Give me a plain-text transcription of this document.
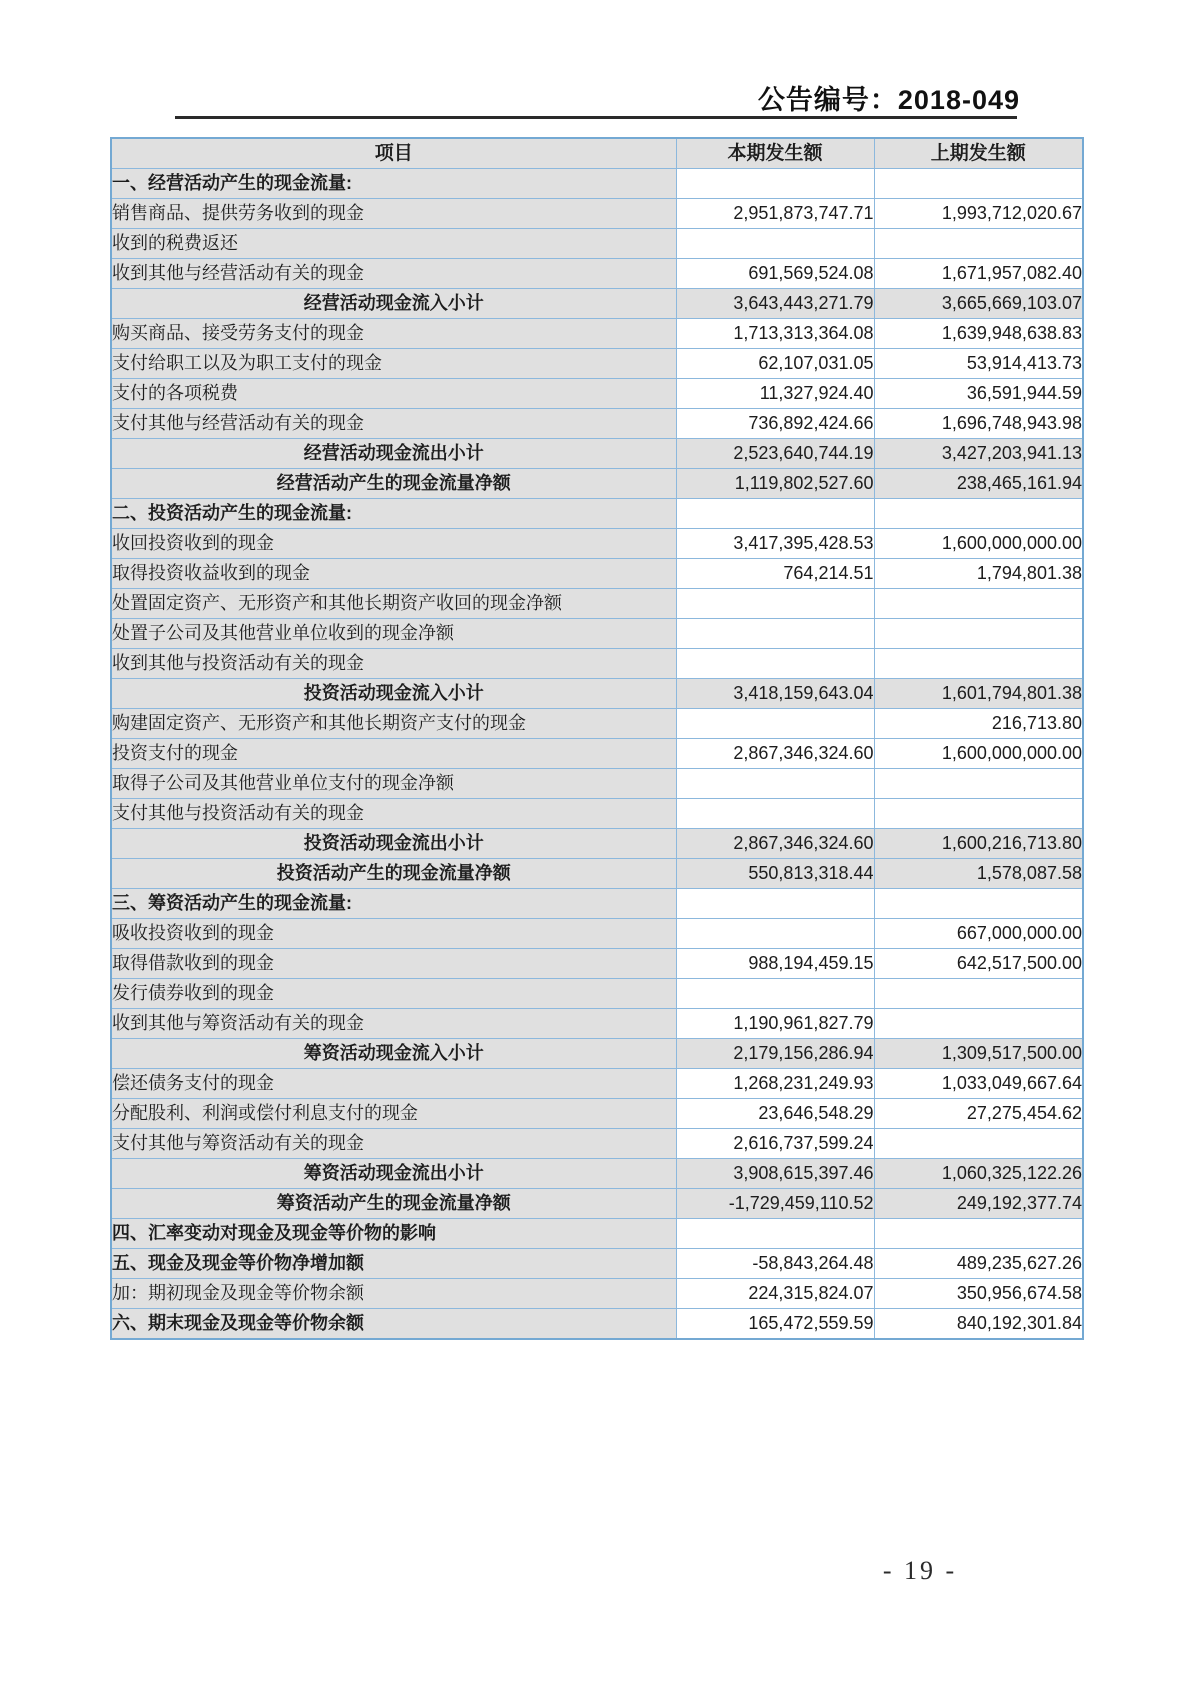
公告编号：2018-049
项目	本期发生额	上期发生额
一、经营活动产生的现金流量:		
销售商品、提供劳务收到的现金	2,951,873,747.71	1,993,712,020.67
收到的税费返还		
收到其他与经营活动有关的现金	691,569,524.08	1,671,957,082.40
经营活动现金流入小计	3,643,443,271.79	3,665,669,103.07
购买商品、接受劳务支付的现金	1,713,313,364.08	1,639,948,638.83
支付给职工以及为职工支付的现金	62,107,031.05	53,914,413.73
支付的各项税费	11,327,924.40	36,591,944.59
支付其他与经营活动有关的现金	736,892,424.66	1,696,748,943.98
经营活动现金流出小计	2,523,640,744.19	3,427,203,941.13
经营活动产生的现金流量净额	1,119,802,527.60	238,465,161.94
二、投资活动产生的现金流量:		
收回投资收到的现金	3,417,395,428.53	1,600,000,000.00
取得投资收益收到的现金	764,214.51	1,794,801.38
处置固定资产、无形资产和其他长期资产收回的现金净额		
处置子公司及其他营业单位收到的现金净额		
收到其他与投资活动有关的现金		
投资活动现金流入小计	3,418,159,643.04	1,601,794,801.38
购建固定资产、无形资产和其他长期资产支付的现金		216,713.80
投资支付的现金	2,867,346,324.60	1,600,000,000.00
取得子公司及其他营业单位支付的现金净额		
支付其他与投资活动有关的现金		
投资活动现金流出小计	2,867,346,324.60	1,600,216,713.80
投资活动产生的现金流量净额	550,813,318.44	1,578,087.58
三、筹资活动产生的现金流量:		
吸收投资收到的现金		667,000,000.00
取得借款收到的现金	988,194,459.15	642,517,500.00
发行债券收到的现金		
收到其他与筹资活动有关的现金	1,190,961,827.79	
筹资活动现金流入小计	2,179,156,286.94	1,309,517,500.00
偿还债务支付的现金	1,268,231,249.93	1,033,049,667.64
分配股利、利润或偿付利息支付的现金	23,646,548.29	27,275,454.62
支付其他与筹资活动有关的现金	2,616,737,599.24	
筹资活动现金流出小计	3,908,615,397.46	1,060,325,122.26
筹资活动产生的现金流量净额	-1,729,459,110.52	249,192,377.74
四、汇率变动对现金及现金等价物的影响		
五、现金及现金等价物净增加额	-58,843,264.48	489,235,627.26
加：期初现金及现金等价物余额	224,315,824.07	350,956,674.58
六、期末现金及现金等价物余额	165,472,559.59	840,192,301.84
- 19 -
